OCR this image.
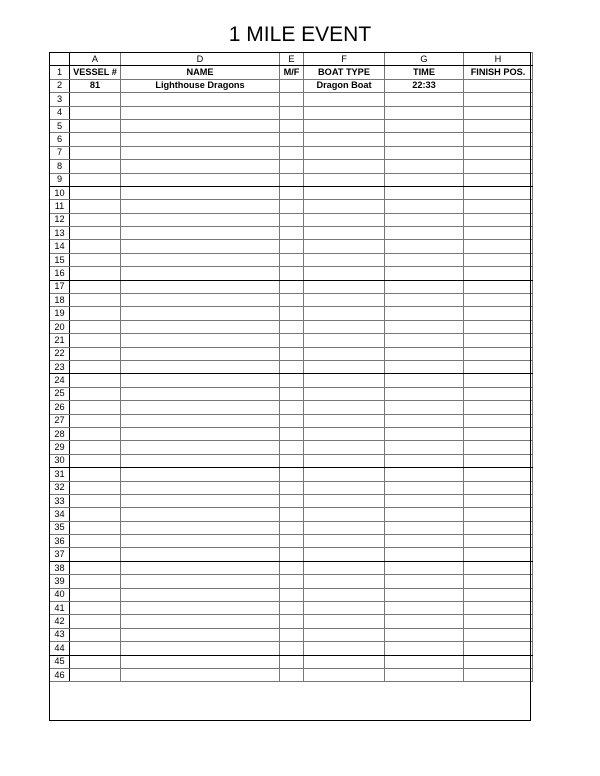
1 MILE EVENT
	A	D	E	F	G	H
1	VESSEL #	NAME	M/F	BOAT TYPE	TIME	FINISH POS.
2	81	Lighthouse Dragons		Dragon Boat	22:33	
3						
4						
5						
6						
7						
8						
9						
10						
11						
12						
13						
14						
15						
16						
17						
18						
19						
20						
21						
22						
23						
24						
25						
26						
27						
28						
29						
30						
31						
32						
33						
34						
35						
36						
37						
38						
39						
40						
41						
42						
43						
44						
45						
46						
